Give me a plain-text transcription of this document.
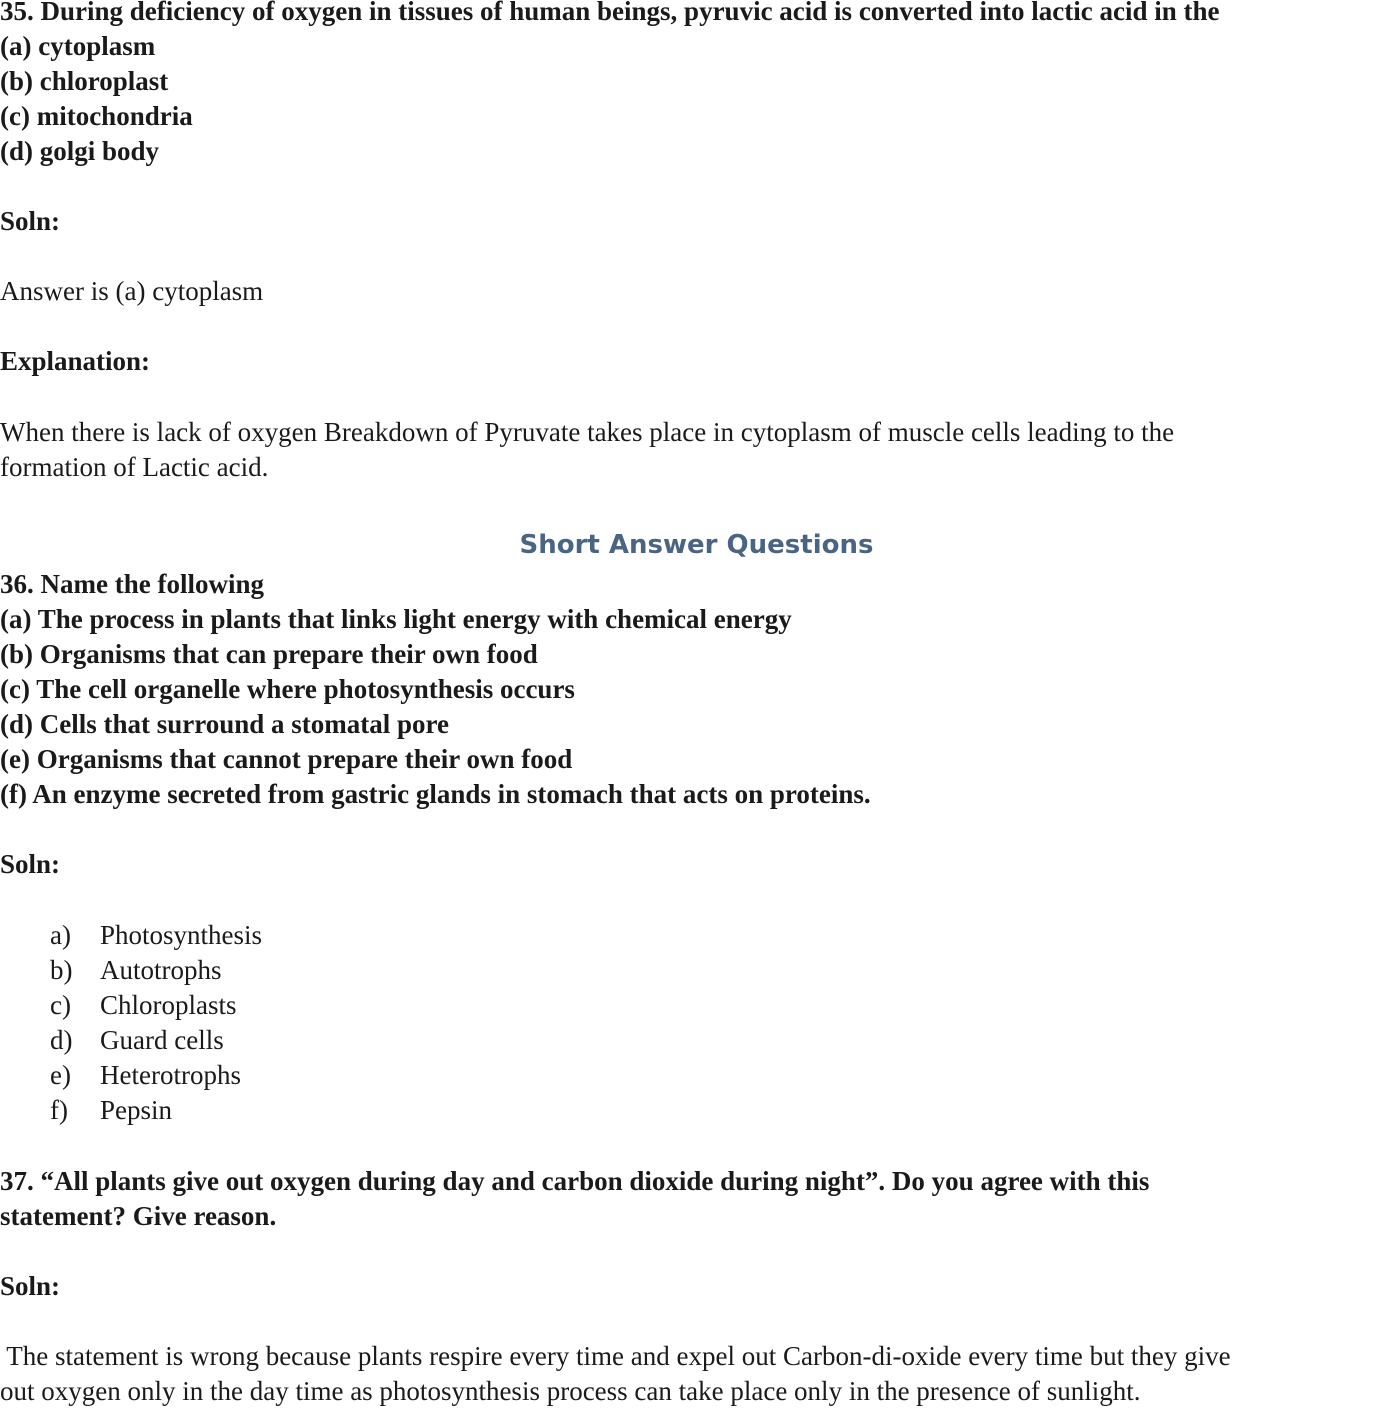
35. During deficiency of oxygen in tissues of human beings, pyruvic acid is converted into lactic acid in the
(a) cytoplasm
(b) chloroplast
(c) mitochondria
(d) golgi body
Soln:
Answer is (a) cytoplasm
Explanation:
When there is lack of oxygen Breakdown of Pyruvate takes place in cytoplasm of muscle cells leading to the
formation of Lactic acid.
Short Answer Questions
36. Name the following
(a) The process in plants that links light energy with chemical energy
(b) Organisms that can prepare their own food
(c) The cell organelle where photosynthesis occurs
(d) Cells that surround a stomatal pore
(e) Organisms that cannot prepare their own food
(f) An enzyme secreted from gastric glands in stomach that acts on proteins.
Soln:
a) Photosynthesis
b) Autotrophs
c) Chloroplasts
d) Guard cells
e) Heterotrophs
f) Pepsin
37. “All plants give out oxygen during day and carbon dioxide during night”. Do you agree with this
statement? Give reason.
Soln:
The statement is wrong because plants respire every time and expel out Carbon-di-oxide every time but they give
out oxygen only in the day time as photosynthesis process can take place only in the presence of sunlight.
